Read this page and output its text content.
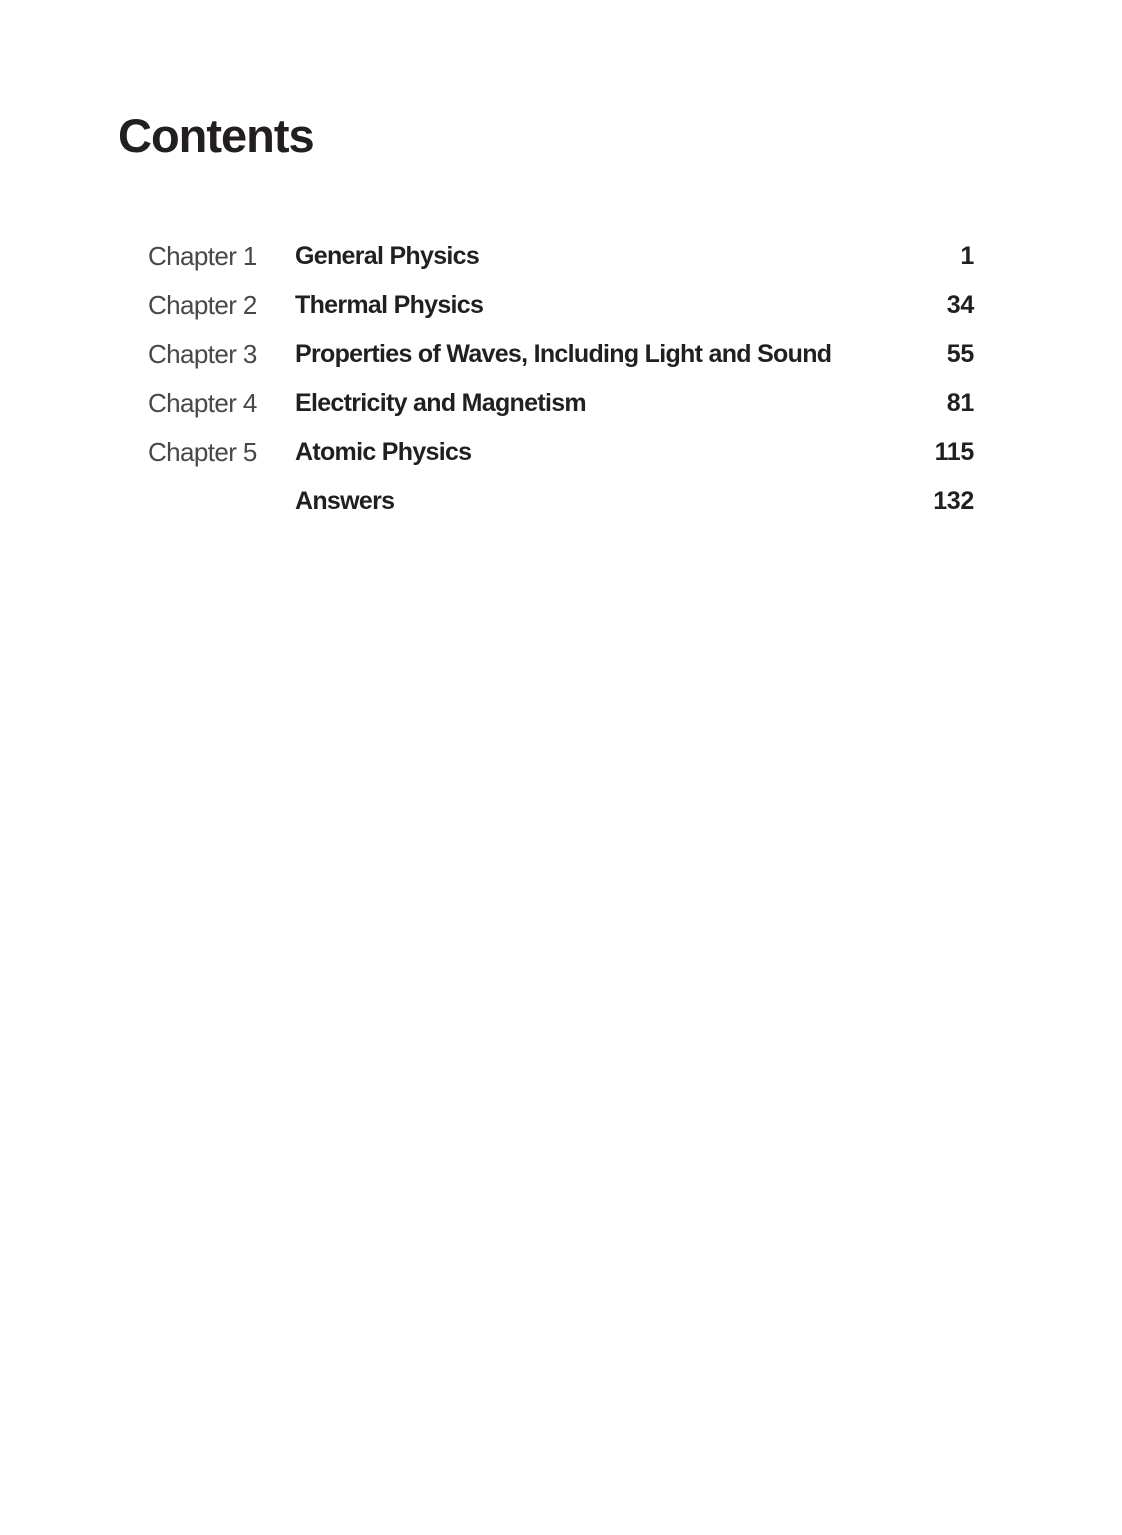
Contents
Chapter 1 General Physics	1
Chapter 2 Thermal Physics	34
Chapter 3 Properties of Waves, Including Light and Sound	55
Chapter 4 Electricity and Magnetism	81
Chapter 5 Atomic Physics	115
Answers	132
